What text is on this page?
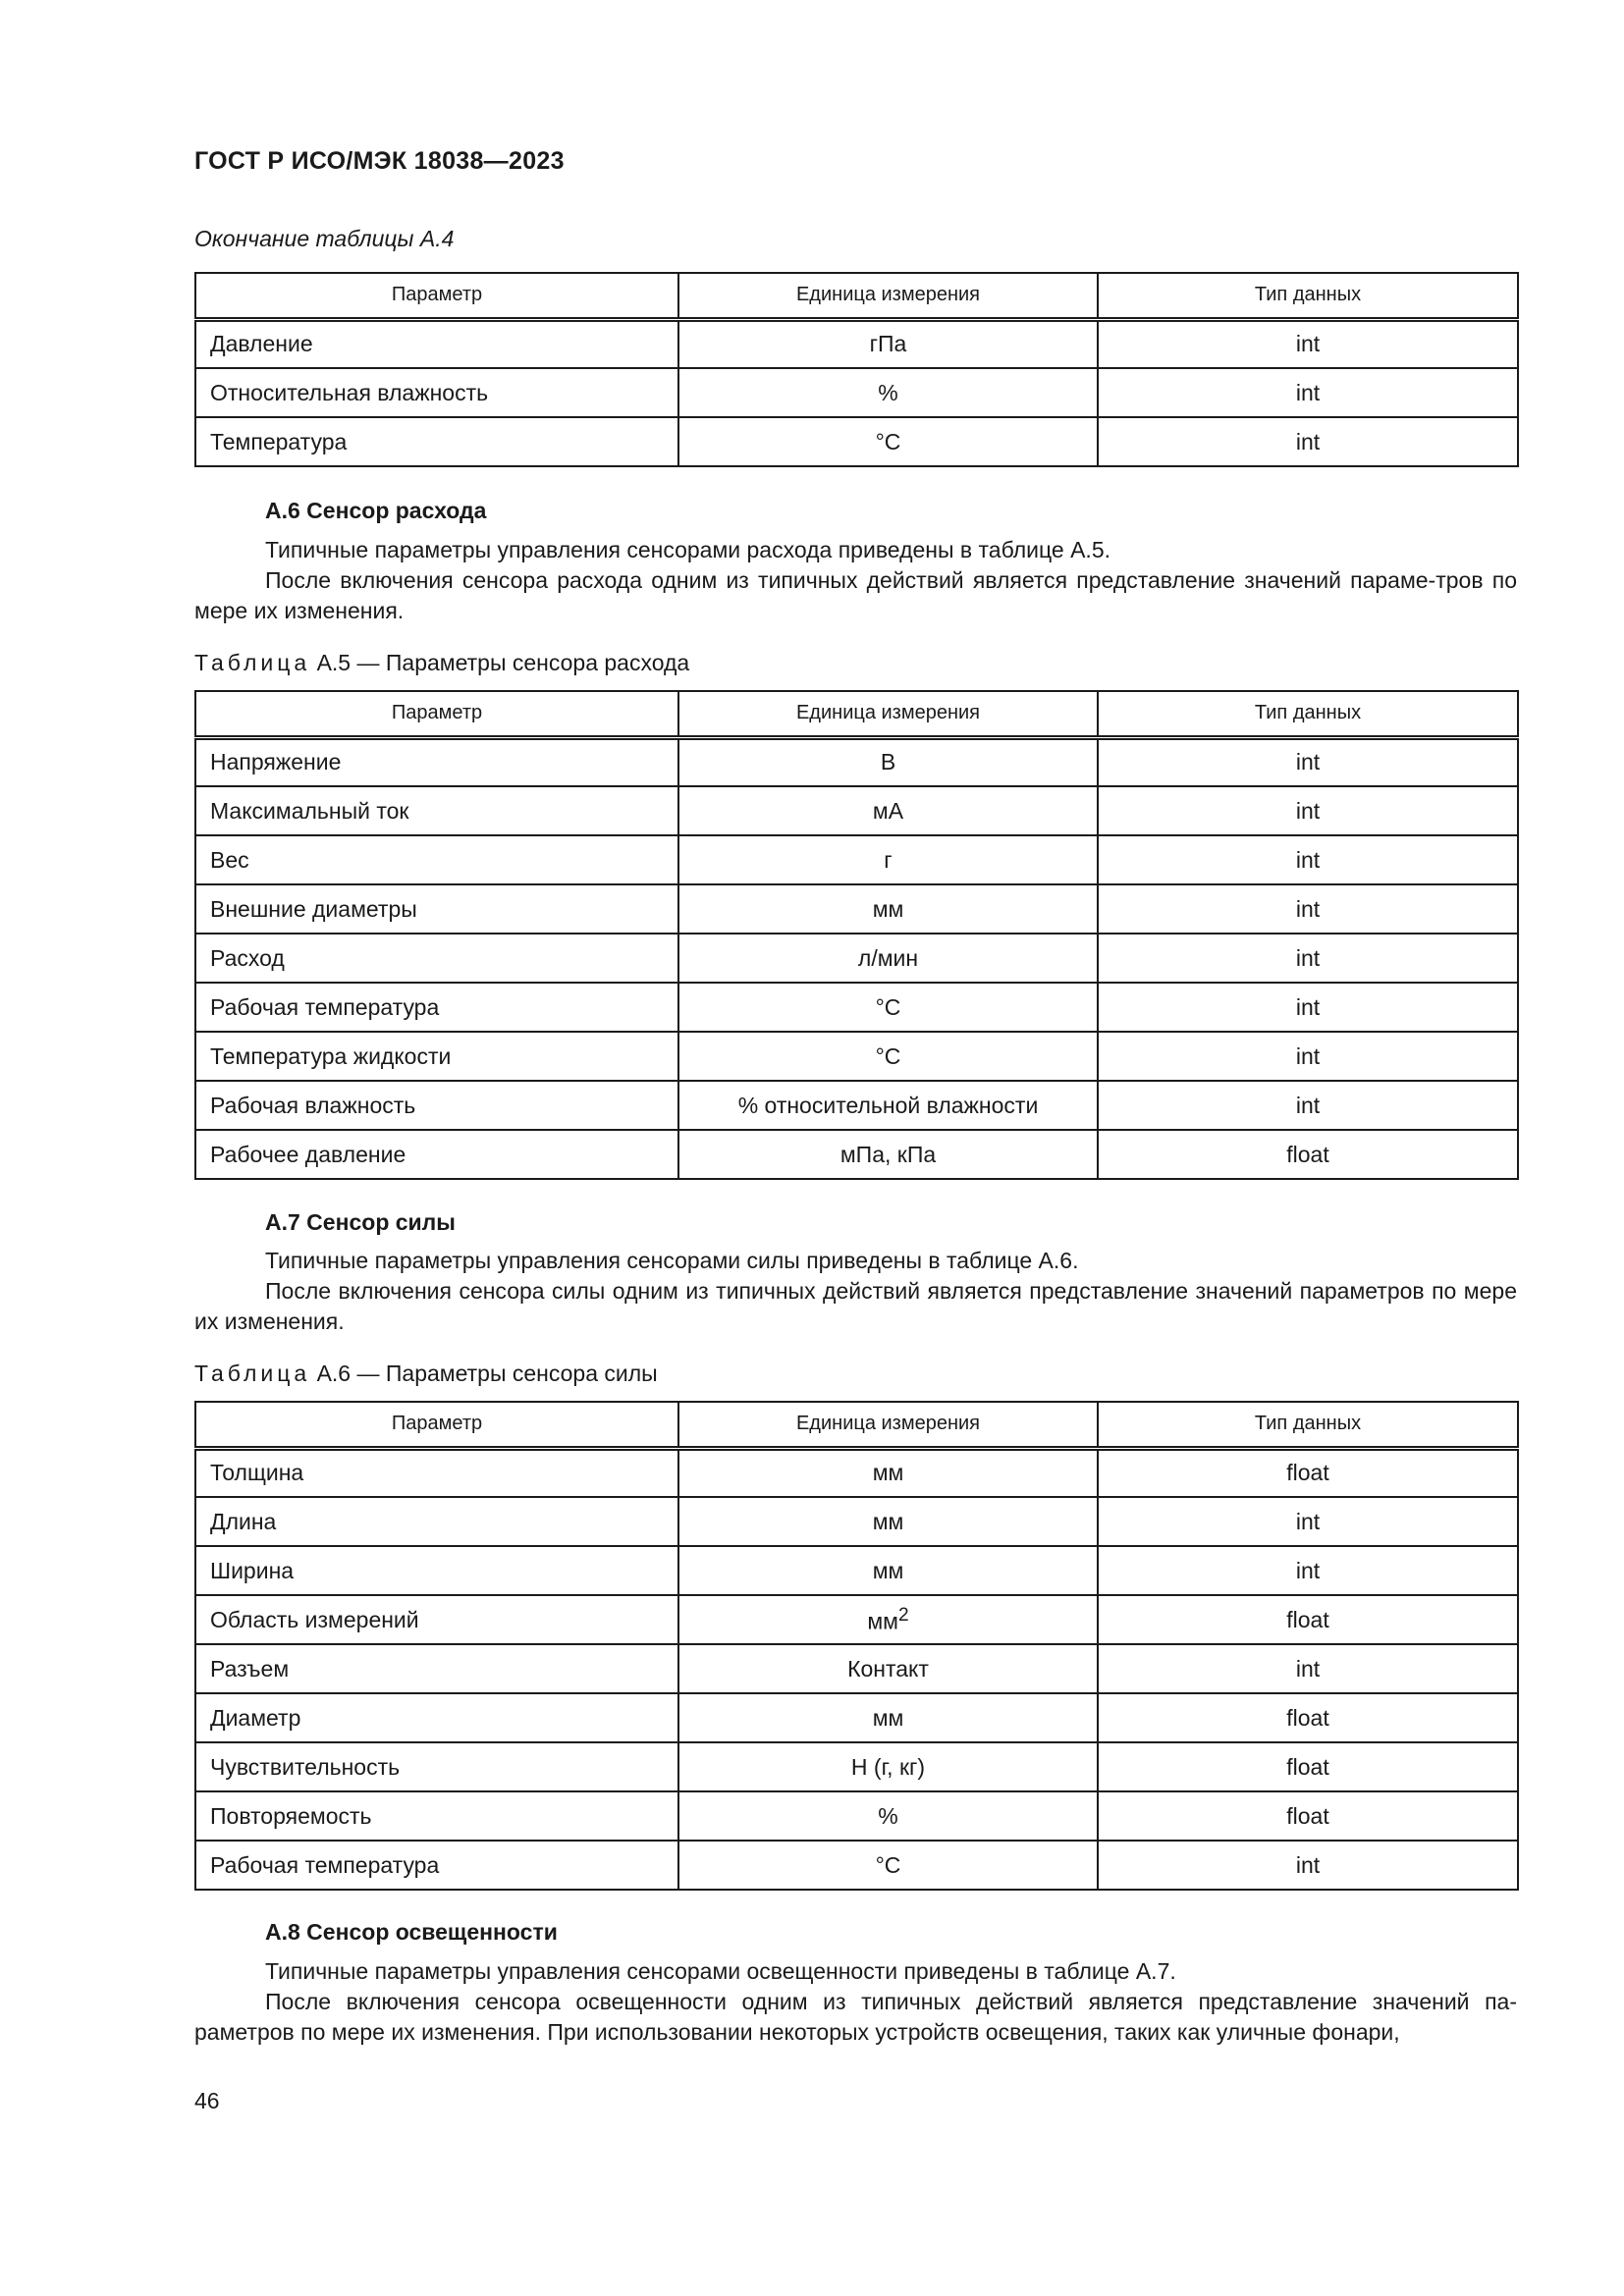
ГОСТ Р ИСО/МЭК 18038—2023
Окончание таблицы А.4
Параметр	Единица измерения	Тип данных
Давление	гПа	int
Относительная влажность	%	int
Температура	°C	int
А.6 Сенсор расхода
Типичные параметры управления сенсорами расхода приведены в таблице А.5.
После включения сенсора расхода одним из типичных действий является представление значений параме-тров по мере их изменения.
Таблица А.5 — Параметры сенсора расхода
Параметр	Единица измерения	Тип данных
Напряжение	В	int
Максимальный ток	мА	int
Вес	г	int
Внешние диаметры	мм	int
Расход	л/мин	int
Рабочая температура	°C	int
Температура жидкости	°C	int
Рабочая влажность	% относительной влажности	int
Рабочее давление	мПа, кПа	float
А.7 Сенсор силы
Типичные параметры управления сенсорами силы приведены в таблице А.6.
После включения сенсора силы одним из типичных действий является представление значений параметров по мере их изменения.
Таблица А.6 — Параметры сенсора силы
Параметр	Единица измерения	Тип данных
Толщина	мм	float
Длина	мм	int
Ширина	мм	int
Область измерений	$мм^2$	float
Разъем	Контакт	int
Диаметр	мм	float
Чувствительность	Н (г, кг)	float
Повторяемость	%	float
Рабочая температура	°C	int
А.8 Сенсор освещенности
Типичные параметры управления сенсорами освещенности приведены в таблице А.7.
После включения сенсора освещенности одним из типичных действий является представление значений па-раметров по мере их изменения. При использовании некоторых устройств освещения, таких как уличные фонари,
46
